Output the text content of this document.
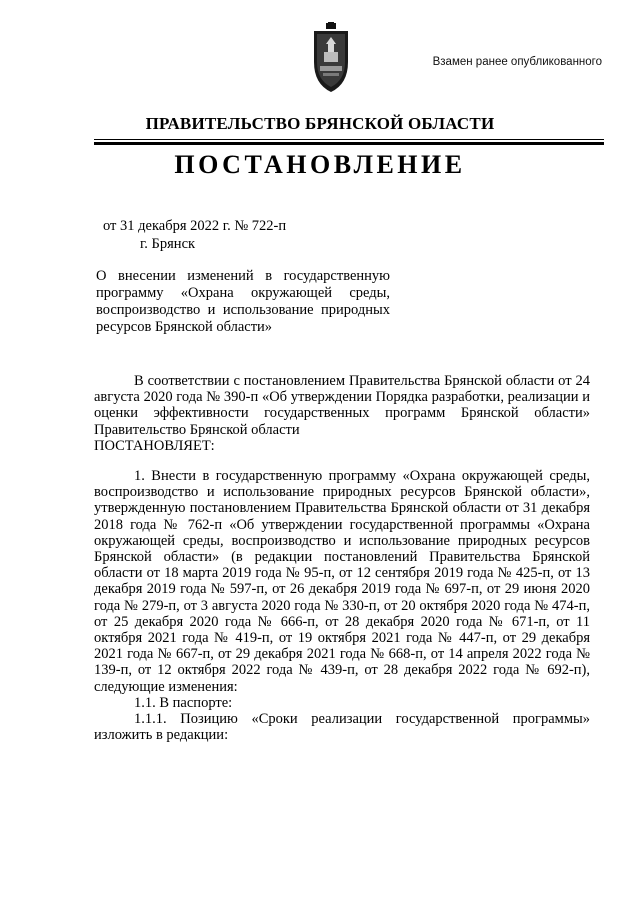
Взамен ранее опубликованного
ПРАВИТЕЛЬСТВО БРЯНСКОЙ ОБЛАСТИ
ПОСТАНОВЛЕНИЕ
от 31 декабря 2022 г. № 722-п
г. Брянск
О внесении изменений в государственную программу «Охрана окружающей среды, воспроизводство и использование природных ресурсов Брянской области»

В соответствии с постановлением Правительства Брянской области от 24 августа 2020 года № 390-п «Об утверждении Порядка разработки, реализации и оценки эффективности государственных программ Брянской области» Правительство Брянской области

ПОСТАНОВЛЯЕТ:

1. Внести в государственную программу «Охрана окружающей среды, воспроизводство и использование природных ресурсов Брянской области», утвержденную постановлением Правительства Брянской области от 31 декабря 2018 года № 762-п «Об утверждении государственной программы «Охрана окружающей среды, воспроизводство и использование природных ресурсов Брянской области» (в редакции постановлений Правительства Брянской области от 18 марта 2019 года № 95-п, от 12 сентября 2019 года № 425-п, от 13 декабря 2019 года № 597-п, от 26 декабря 2019 года № 697-п, от 29 июня 2020 года № 279-п, от 3 августа 2020 года № 330-п, от 20 октября 2020 года № 474-п, от 25 декабря 2020 года № 666-п, от 28 декабря 2020 года № 671-п, от 11 октября 2021 года № 419-п, от 19 октября 2021 года № 447-п, от 29 декабря 2021 года № 667-п, от 29 декабря 2021 года № 668-п, от 14 апреля 2022 года № 139-п, от 12 октября 2022 года № 439-п, от 28 декабря 2022 года № 692-п), следующие изменения:

1.1. В паспорте:

1.1.1. Позицию «Сроки реализации государственной программы» изложить в редакции:
